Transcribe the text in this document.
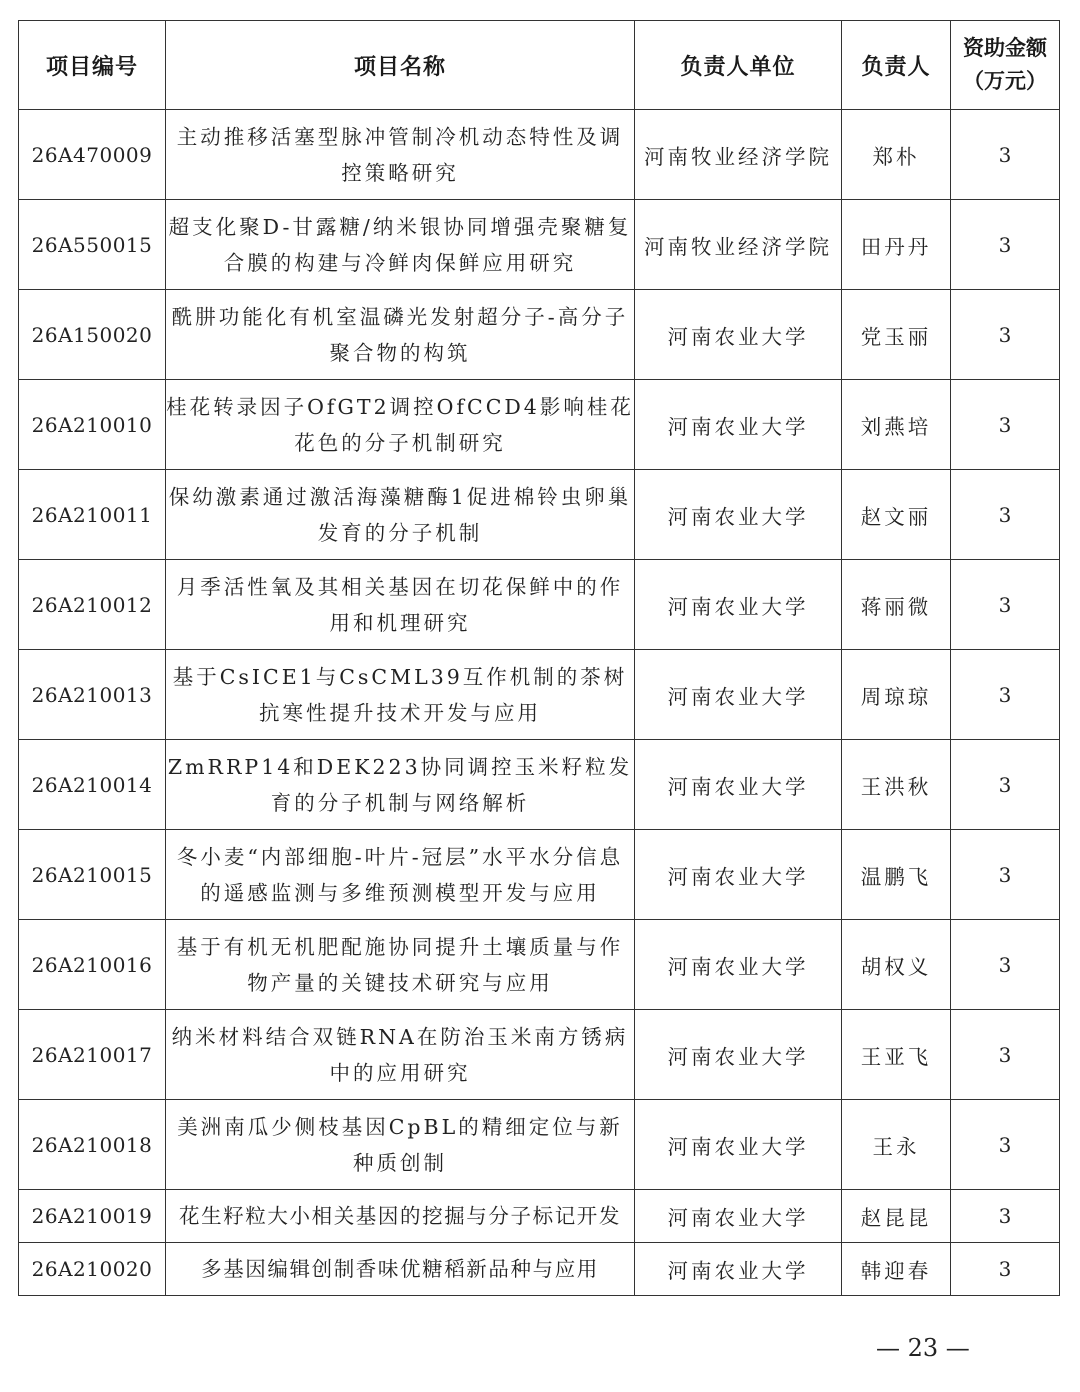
项目编号	项目名称	负责人单位	负责人	资助金额
（万元）

26A470009	主动推移活塞型脉冲管制冷机动态特性及调控策略研究	河南牧业经济学院	郑朴	3
26A550015	超支化聚D-甘露糖/纳米银协同增强壳聚糖复合膜的构建与冷鲜肉保鲜应用研究	河南牧业经济学院	田丹丹	3
26A150020	酰肼功能化有机室温磷光发射超分子-高分子聚合物的构筑	河南农业大学	党玉丽	3
26A210010	桂花转录因子OfGT2调控OfCCD4影响桂花花色的分子机制研究	河南农业大学	刘燕培	3
26A210011	保幼激素通过激活海藻糖酶1促进棉铃虫卵巢发育的分子机制	河南农业大学	赵文丽	3
26A210012	月季活性氧及其相关基因在切花保鲜中的作用和机理研究	河南农业大学	蒋丽微	3
26A210013	基于CsICE1与CsCML39互作机制的茶树抗寒性提升技术开发与应用	河南农业大学	周琼琼	3
26A210014	ZmRRP14和DEK223协同调控玉米籽粒发育的分子机制与网络解析	河南农业大学	王洪秋	3
26A210015	冬小麦“内部细胞-叶片-冠层”水平水分信息的遥感监测与多维预测模型开发与应用	河南农业大学	温鹏飞	3
26A210016	基于有机无机肥配施协同提升土壤质量与作物产量的关键技术研究与应用	河南农业大学	胡权义	3
26A210017	纳米材料结合双链RNA在防治玉米南方锈病中的应用研究	河南农业大学	王亚飞	3
26A210018	美洲南瓜少侧枝基因CpBL的精细定位与新种质创制	河南农业大学	王永	3
26A210019	花生籽粒大小相关基因的挖掘与分子标记开发	河南农业大学	赵昆昆	3
26A210020	多基因编辑创制香味优糖稻新品种与应用	河南农业大学	韩迎春	3
— 23 —
